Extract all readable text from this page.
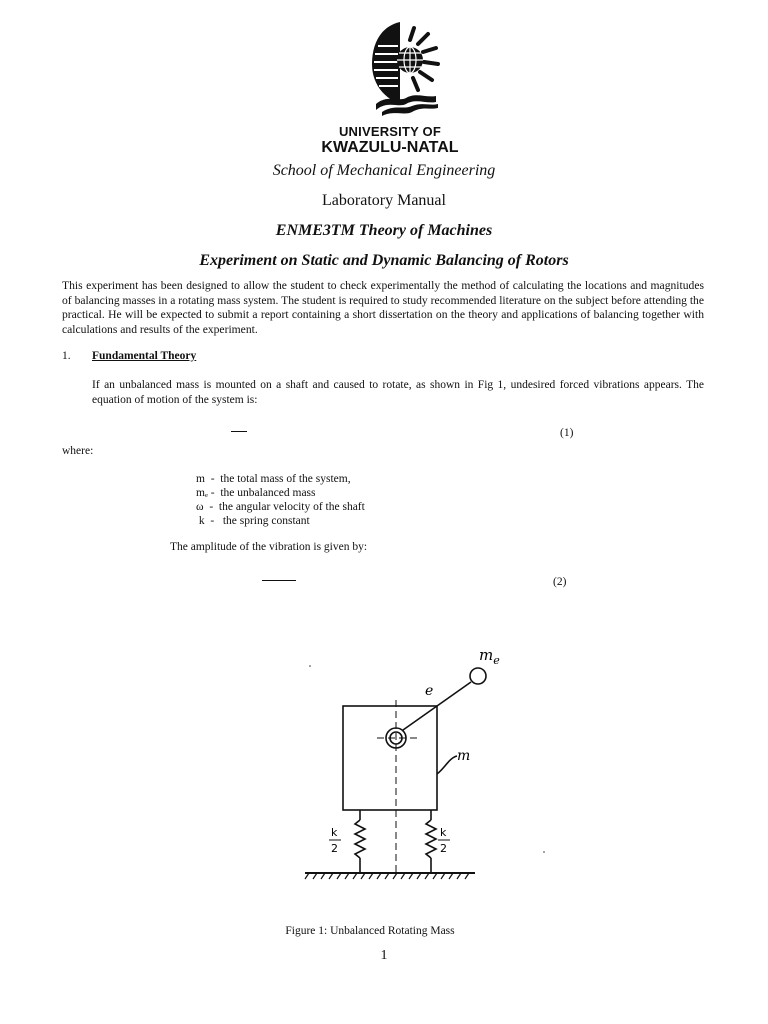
UNIVERSITY OF
KWAZULU-NATAL
School of Mechanical Engineering
Laboratory Manual
ENME3TM Theory of Machines
Experiment on Static and Dynamic Balancing of Rotors
This experiment has been designed to allow the student to check experimentally the method of calculating the locations and magnitudes of balancing masses in a rotating mass system. The student is required to study recommended literature on the subject before attending the practical. He will be expected to submit a report containing a short dissertation on the theory and applications of balancing together with calculations and results of the experiment.
1. Fundamental Theory
If an unbalanced mass is mounted on a shaft and caused to rotate, as shown in Fig 1, undesired forced vibrations appears. The equation of motion of the system is:
(1)
where:
m  -  the total mass of the system,
mₑ -  the unbalanced mass
ω  -  the angular velocity of the shaft
k  -   the spring constant
The amplitude of the vibration is given by:
(2)
$m_e$
e
m
k
2
k
2
Figure 1: Unbalanced Rotating Mass
1
